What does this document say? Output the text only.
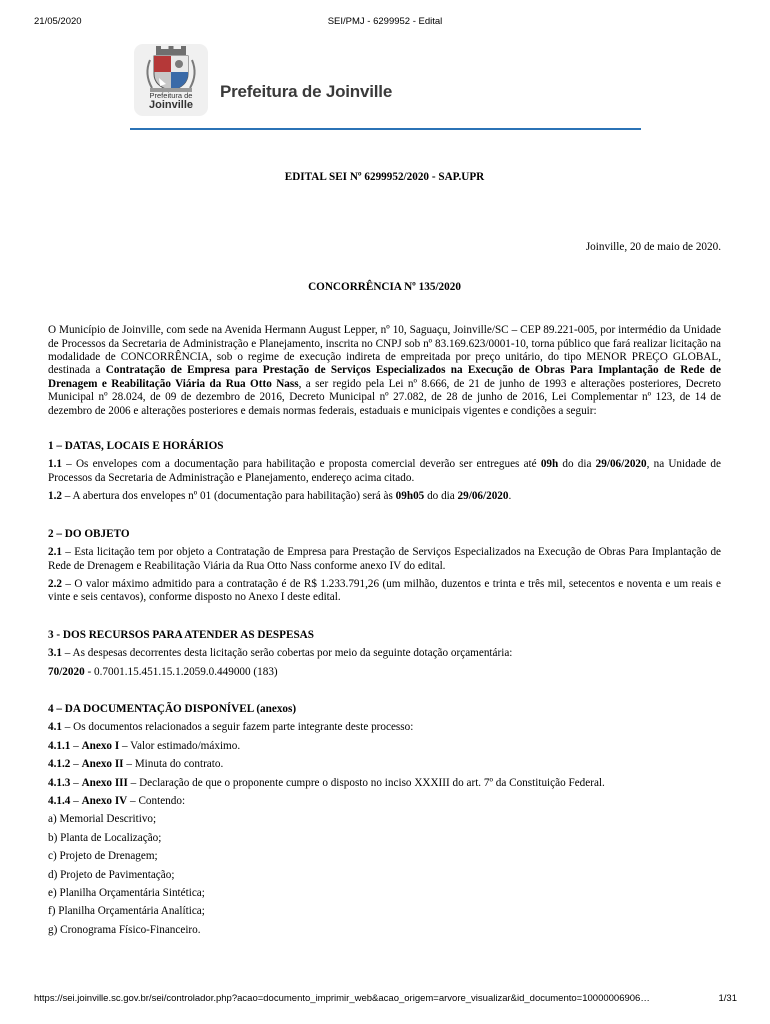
21/05/2020	SEI/PMJ - 6299952 - Edital
Prefeitura de
Joinville
Prefeitura de Joinville
EDITAL SEI Nº 6299952/2020 - SAP.UPR
Joinville, 20 de maio de 2020.
CONCORRÊNCIA Nº 135/2020
O Município de Joinville, com sede na Avenida Hermann August Lepper, nº 10, Saguaçu, Joinville/SC – CEP 89.221-005, por intermédio da Unidade de Processos da Secretaria de Administração e Planejamento, inscrita no CNPJ sob nº 83.169.623/0001-10, torna público que fará realizar licitação na modalidade de CONCORRÊNCIA, sob o regime de execução indireta de empreitada por preço unitário, do tipo MENOR PREÇO GLOBAL, destinada a Contratação de Empresa para Prestação de Serviços Especializados na Execução de Obras Para Implantação de Rede de Drenagem e Reabilitação Viária da Rua Otto Nass, a ser regido pela Lei nº 8.666, de 21 de junho de 1993 e alterações posteriores, Decreto Municipal nº 28.024, de 09 de dezembro de 2016, Decreto Municipal nº 27.082, de 28 de junho de 2016, Lei Complementar nº 123, de 14 de dezembro de 2006 e alterações posteriores e demais normas federais, estaduais e municipais vigentes e condições a seguir:
1 – DATAS, LOCAIS E HORÁRIOS
1.1 – Os envelopes com a documentação para habilitação e proposta comercial deverão ser entregues até 09h do dia 29/06/2020, na Unidade de Processos da Secretaria de Administração e Planejamento, endereço acima citado.
1.2 – A abertura dos envelopes nº 01 (documentação para habilitação) será às 09h05 do dia 29/06/2020.
2 – DO OBJETO
2.1 – Esta licitação tem por objeto a Contratação de Empresa para Prestação de Serviços Especializados na Execução de Obras Para Implantação de Rede de Drenagem e Reabilitação Viária da Rua Otto Nass conforme anexo IV do edital.
2.2 – O valor máximo admitido para a contratação é de R$ 1.233.791,26 (um milhão, duzentos e trinta e três mil, setecentos e noventa e um reais e vinte e seis centavos), conforme disposto no Anexo I deste edital.
3 - DOS RECURSOS PARA ATENDER AS DESPESAS
3.1 – As despesas decorrentes desta licitação serão cobertas por meio da seguinte dotação orçamentária:
70/2020 - 0.7001.15.451.15.1.2059.0.449000 (183)
4 – DA DOCUMENTAÇÃO DISPONÍVEL (anexos)
4.1 – Os documentos relacionados a seguir fazem parte integrante deste processo:
4.1.1 – Anexo I – Valor estimado/máximo.
4.1.2 – Anexo II – Minuta do contrato.
4.1.3 – Anexo III – Declaração de que o proponente cumpre o disposto no inciso XXXIII do art. 7º da Constituição Federal.
4.1.4 – Anexo IV – Contendo:
a) Memorial Descritivo;
b) Planta de Localização;
c) Projeto de Drenagem;
d) Projeto de Pavimentação;
e) Planilha Orçamentária Sintética;
f) Planilha Orçamentária Analítica;
g) Cronograma Físico-Financeiro.
https://sei.joinville.sc.gov.br/sei/controlador.php?acao=documento_imprimir_web&acao_origem=arvore_visualizar&id_documento=10000006906…	1/31
